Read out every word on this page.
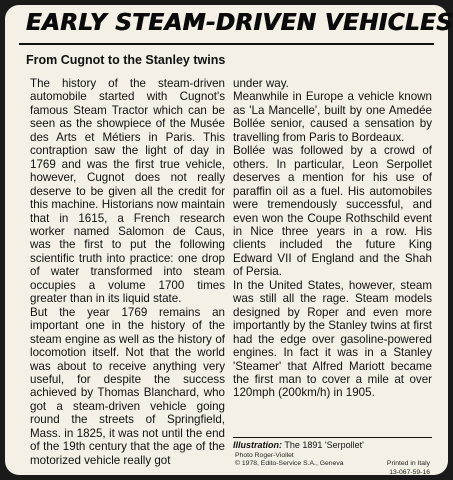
EARLY STEAM-DRIVEN VEHICLES
From Cugnot to the Stanley twins

The history of the steam-driven automobile started with Cugnot's famous Steam Tractor which can be seen as the showpiece of the Musée des Arts et Métiers in Paris. This contraption saw the light of day in 1769 and was the first true vehicle, however, Cugnot does not really deserve to be given all the credit for this machine. Historians now maintain that in 1615, a French research worker named Salomon de Caus, was the first to put the following scientific truth into practice: one drop of water transformed into steam occupies a volume 1700 times greater than in its liquid state.

But the year 1769 remains an important one in the history of the steam engine as well as the history of locomotion itself. Not that the world was about to receive anything very useful, for despite the success achieved by Thomas Blanchard, who got a steam-driven vehicle going round the streets of Springfield, Mass. in 1825, it was not until the end of the 19th century that the age of the motorized vehicle really got

under way.

Meanwhile in Europe a vehicle known as 'La Mancelle', built by one Amedée Bollée senior, caused a sensation by travelling from Paris to Bordeaux.

Bollée was followed by a crowd of others. In particular, Leon Serpollet deserves a mention for his use of paraffin oil as a fuel. His automobiles were tremendously successful, and even won the Coupe Rothschild event in Nice three years in a row. His clients included the future King Edward VII of England and the Shah of Persia.

In the United States, however, steam was still all the rage. Steam models designed by Roper and even more importantly by the Stanley twins at first had the edge over gasoline-powered engines. In fact it was in a Stanley 'Steamer' that Alfred Mariott became the first man to cover a mile at over 120mph (200km/h) in 1905.

Illustration: The 1891 'Serpollet'
Photo Roger-Viollet
© 1978, Edito-Service S.A., Geneva	Printed in Italy
13-067-59-16
